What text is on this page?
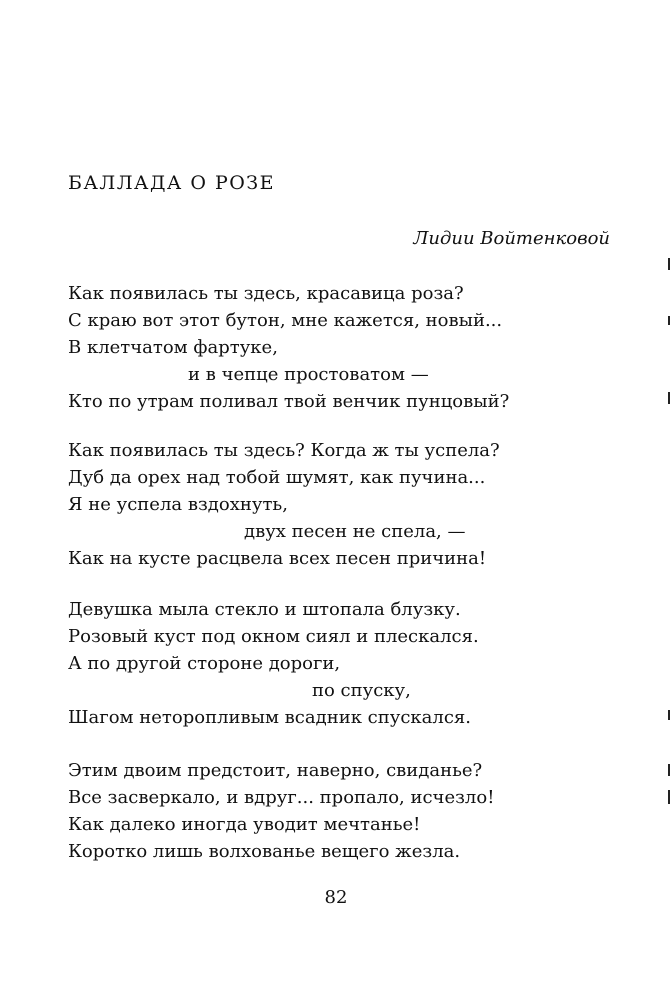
БАЛЛАДА О РОЗЕ
Лидии Войтенковой
Как появилась ты здесь, красавица роза?
С краю вот этот бутон, мне кажется, новый...
В клетчатом фартуке,
и в чепце простоватом —
Кто по утрам поливал твой венчик пунцовый?
Как появилась ты здесь? Когда ж ты успела?
Дуб да орех над тобой шумят, как пучина...
Я не успела вздохнуть,
двух песен не спела, —
Как на кусте расцвела всех песен причина!
Девушка мыла стекло и штопала блузку.
Розовый куст под окном сиял и плескался.
А по другой стороне дороги,
по спуску,
Шагом неторопливым всадник спускался.
Этим двоим предстоит, наверно, свиданье?
Все засверкало, и вдруг... пропало, исчезло!
Как далеко иногда уводит мечтанье!
Коротко лишь волхованье вещего жезла.
82
